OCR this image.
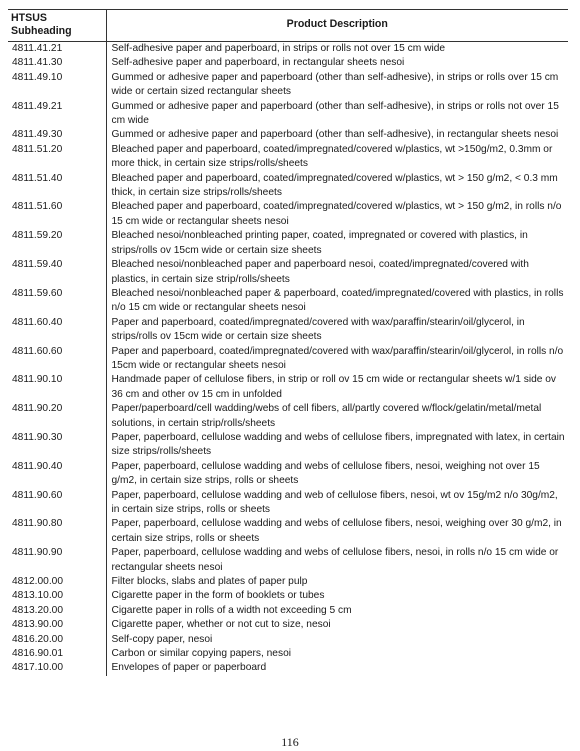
HTSUS
Subheading	Product Description
4811.41.21	Self-adhesive paper and paperboard, in strips or rolls not over 15 cm wide
4811.41.30	Self-adhesive paper and paperboard, in rectangular sheets nesoi
4811.49.10	Gummed or adhesive paper and paperboard (other than self-adhesive), in strips or rolls over 15 cm wide or certain sized rectangular sheets
4811.49.21	Gummed or adhesive paper and paperboard (other than self-adhesive), in strips or rolls not over 15 cm wide
4811.49.30	Gummed or adhesive paper and paperboard (other than self-adhesive), in rectangular sheets nesoi
4811.51.20	Bleached paper and paperboard, coated/impregnated/covered w/plastics, wt >150g/m2, 0.3mm or more thick, in certain size strips/rolls/sheets
4811.51.40	Bleached paper and paperboard, coated/impregnated/covered w/plastics, wt > 150 g/m2, < 0.3 mm thick, in certain size strips/rolls/sheets
4811.51.60	Bleached paper and paperboard, coated/impregnated/covered w/plastics, wt > 150 g/m2, in rolls n/o 15 cm wide or rectangular sheets nesoi
4811.59.20	Bleached nesoi/nonbleached printing paper, coated, impregnated or covered with plastics, in strips/rolls ov 15cm wide or certain size sheets
4811.59.40	Bleached nesoi/nonbleached paper and paperboard nesoi, coated/impregnated/covered with plastics, in certain size strip/rolls/sheets
4811.59.60	Bleached nesoi/nonbleached paper & paperboard, coated/impregnated/covered with plastics, in rolls n/o 15 cm wide or rectangular sheets nesoi
4811.60.40	Paper and paperboard, coated/impregnated/covered with wax/paraffin/stearin/oil/glycerol, in strips/rolls ov 15cm wide or certain size sheets
4811.60.60	Paper and paperboard, coated/impregnated/covered with wax/paraffin/stearin/oil/glycerol, in rolls n/o 15cm wide or rectangular sheets nesoi
4811.90.10	Handmade paper of cellulose fibers, in strip or roll ov 15 cm wide or rectangular sheets w/1 side ov 36 cm and other ov 15 cm in unfolded
4811.90.20	Paper/paperboard/cell wadding/webs of cell fibers, all/partly covered w/flock/gelatin/metal/metal solutions, in certain strip/rolls/sheets
4811.90.30	Paper, paperboard, cellulose wadding and webs of cellulose fibers, impregnated with latex, in certain size strips/rolls/sheets
4811.90.40	Paper, paperboard, cellulose wadding and webs of cellulose fibers, nesoi, weighing not over 15 g/m2, in certain size strips, rolls or sheets
4811.90.60	Paper, paperboard, cellulose wadding and web of cellulose fibers, nesoi, wt ov 15g/m2 n/o 30g/m2, in certain size strips, rolls or sheets
4811.90.80	Paper, paperboard, cellulose wadding and webs of cellulose fibers, nesoi, weighing over 30 g/m2, in certain size strips, rolls or sheets
4811.90.90	Paper, paperboard, cellulose wadding and webs of cellulose fibers, nesoi, in rolls n/o 15 cm wide or rectangular sheets nesoi
4812.00.00	Filter blocks, slabs and plates of paper pulp
4813.10.00	Cigarette paper in the form of booklets or tubes
4813.20.00	Cigarette paper in rolls of a width not exceeding 5 cm
4813.90.00	Cigarette paper, whether or not cut to size, nesoi
4816.20.00	Self-copy paper, nesoi
4816.90.01	Carbon or similar copying papers, nesoi
4817.10.00	Envelopes of paper or paperboard
116
